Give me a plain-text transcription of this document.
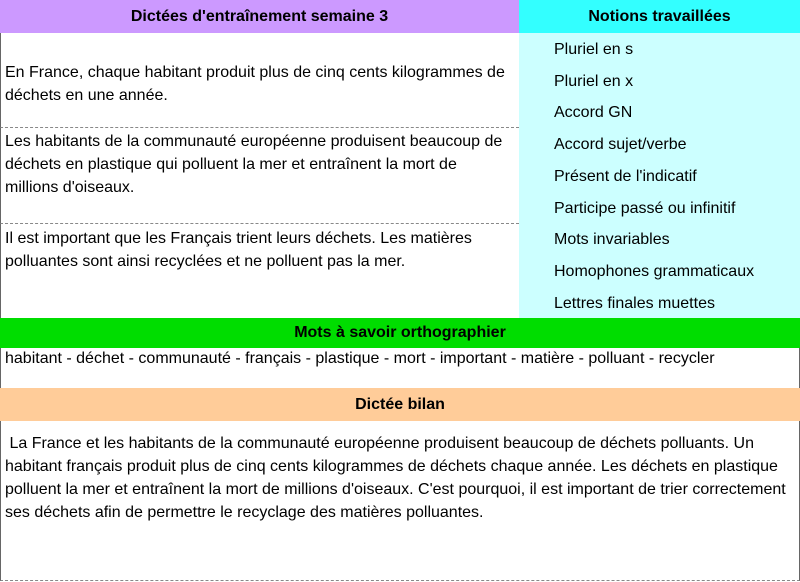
Dictées d'entraînement semaine 3	Notions travaillées
Pluriel en s
Pluriel en x
Accord GN
Accord sujet/verbe
Présent de l'indicatif
Participe passé ou infinitif
Mots invariables
Homophones grammaticaux
Lettres finales muettes
En France, chaque habitant produit plus de cinq cents kilogrammes de déchets en une année.
Les habitants de la communauté européenne produisent beaucoup de déchets en plastique qui polluent la mer et entraînent la mort de millions d'oiseaux.
Il est important que les Français trient leurs déchets. Les matières polluantes sont ainsi recyclées et ne polluent pas la mer.
Mots à savoir orthographier
habitant - déchet - communauté - français - plastique - mort - important - matière - polluant - recycler
Dictée bilan
La France et les habitants de la communauté européenne produisent beaucoup de déchets polluants. Un habitant français produit plus de cinq cents kilogrammes de déchets chaque année. Les déchets en plastique polluent la mer et entraînent la mort de millions d'oiseaux. C'est pourquoi, il est important de trier correctement ses déchets afin de permettre le recyclage des matières polluantes.
